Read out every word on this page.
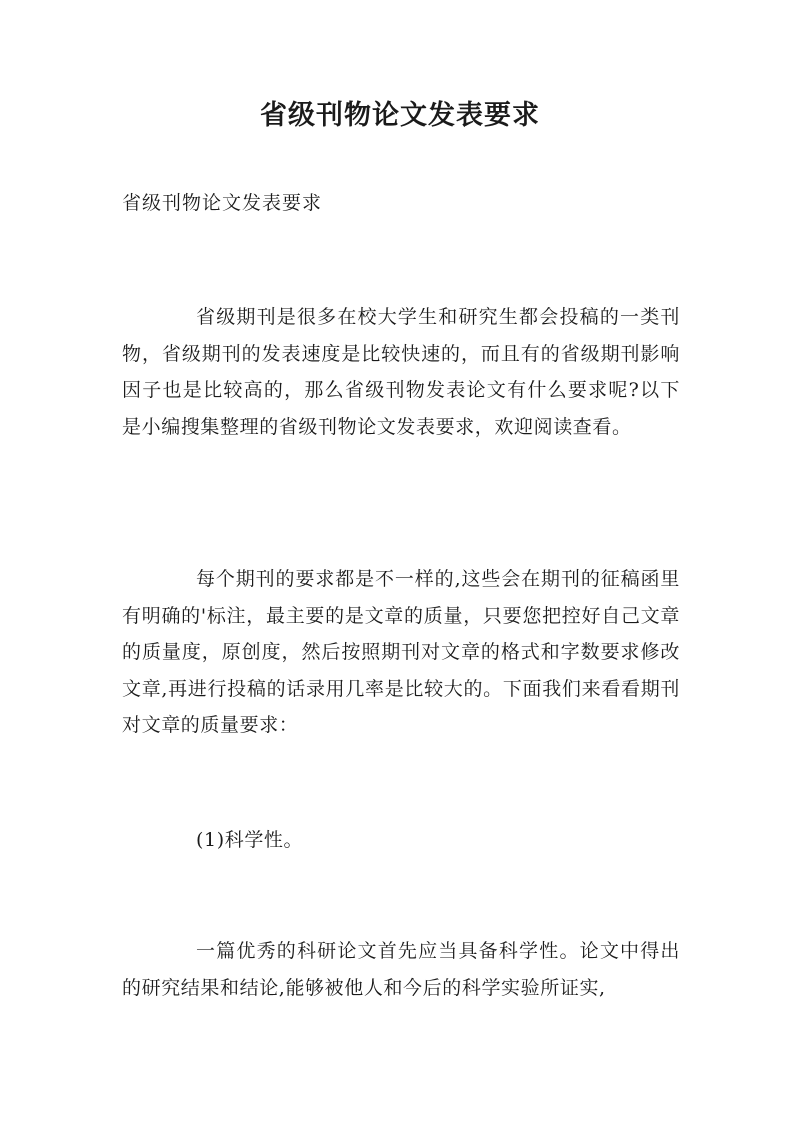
省级刊物论文发表要求
省级刊物论文发表要求

省级期刊是很多在校大学生和研究生都会投稿的一类刊物，省级期刊的发表速度是比较快速的，而且有的省级期刊影响因子也是比较高的，那么省级刊物发表论文有什么要求呢?以下是小编搜集整理的省级刊物论文发表要求，欢迎阅读查看。

每个期刊的要求都是不一样的,这些会在期刊的征稿函里有明确的'标注，最主要的是文章的质量，只要您把控好自己文章的质量度，原创度，然后按照期刊对文章的格式和字数要求修改文章,再进行投稿的话录用几率是比较大的。下面我们来看看期刊对文章的质量要求：

(1)科学性。

一篇优秀的科研论文首先应当具备科学性。论文中得出的研究结果和结论,能够被他人和今后的科学实验所证实,
